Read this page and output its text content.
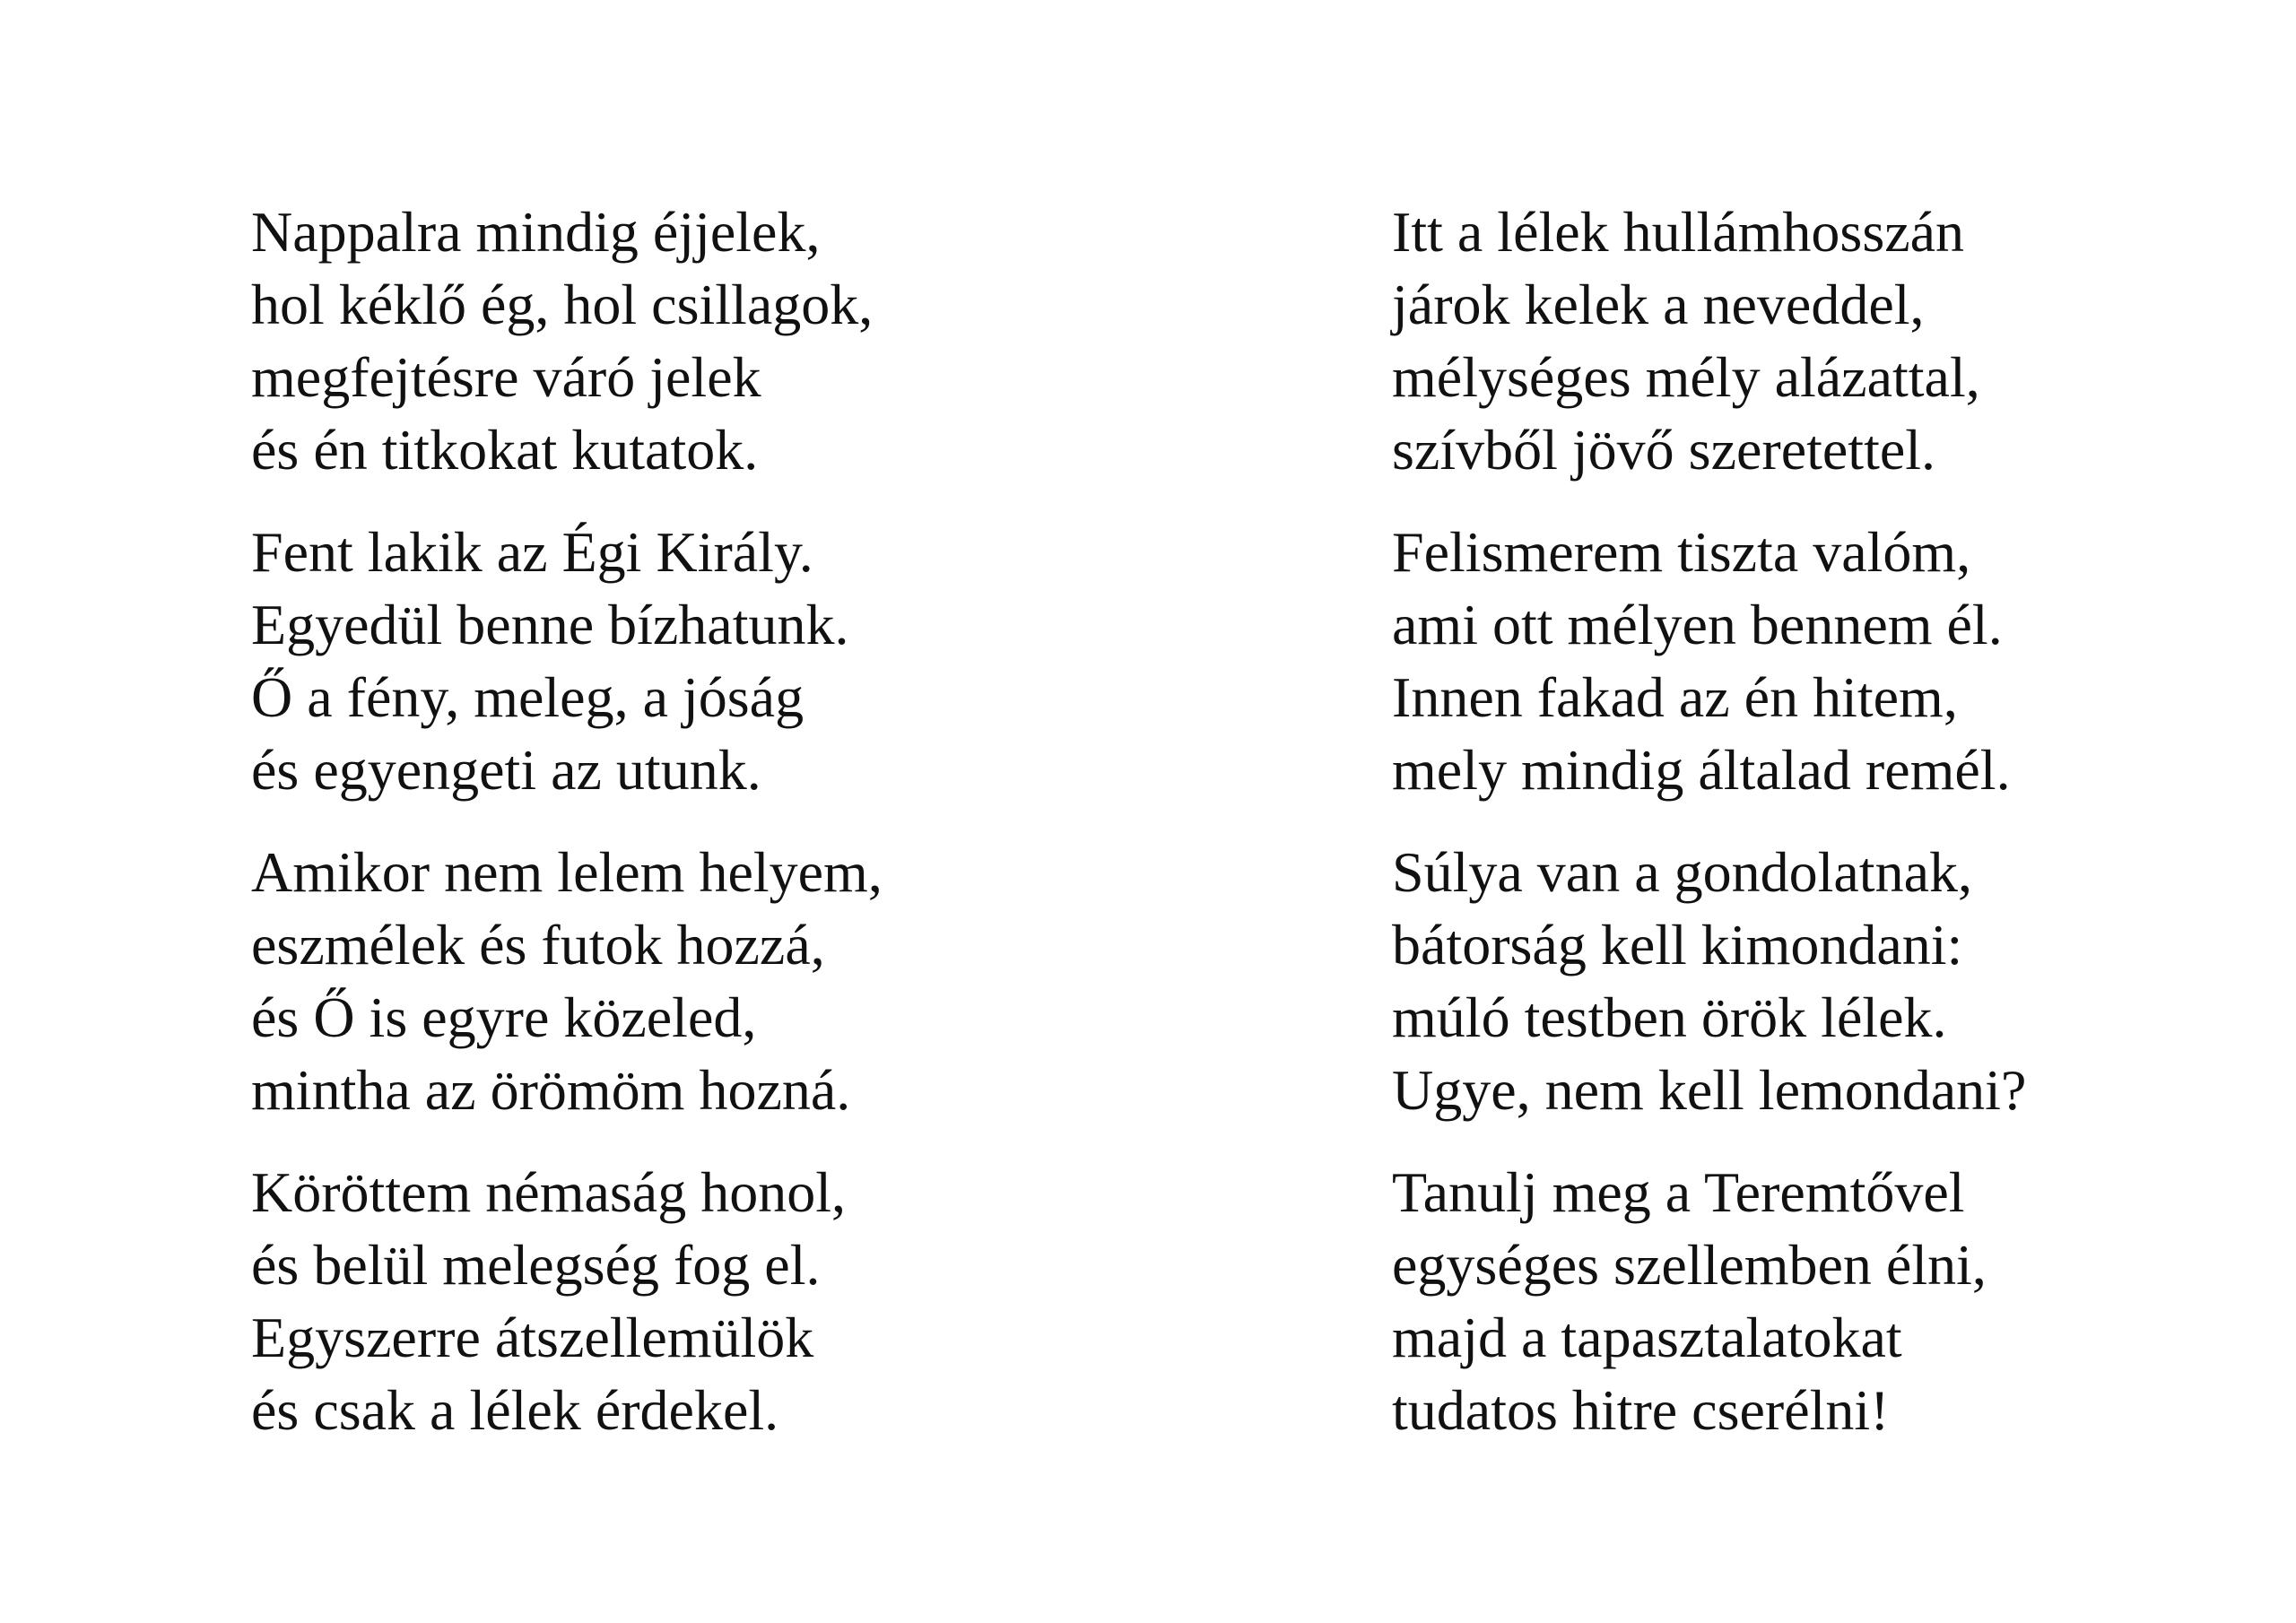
Nappalra mindig éjjelek,
hol kéklő ég, hol csillagok,
megfejtésre váró jelek
és én titkokat kutatok.
Fent lakik az Égi Király.
Egyedül benne bízhatunk.
Ő a fény, meleg, a jóság
és egyengeti az utunk.
Amikor nem lelem helyem,
eszmélek és futok hozzá,
és Ő is egyre közeled,
mintha az örömöm hozná.
Köröttem némaság honol,
és belül melegség fog el.
Egyszerre átszellemülök
és csak a lélek érdekel.
Itt a lélek hullámhosszán
járok kelek a neveddel,
mélységes mély alázattal,
szívből jövő szeretettel.
Felismerem tiszta valóm,
ami ott mélyen bennem él.
Innen fakad az én hitem,
mely mindig általad remél.
Súlya van a gondolatnak,
bátorság kell kimondani:
múló testben örök lélek.
Ugye, nem kell lemondani?
Tanulj meg a Teremtővel
egységes szellemben élni,
majd a tapasztalatokat
tudatos hitre cserélni!
